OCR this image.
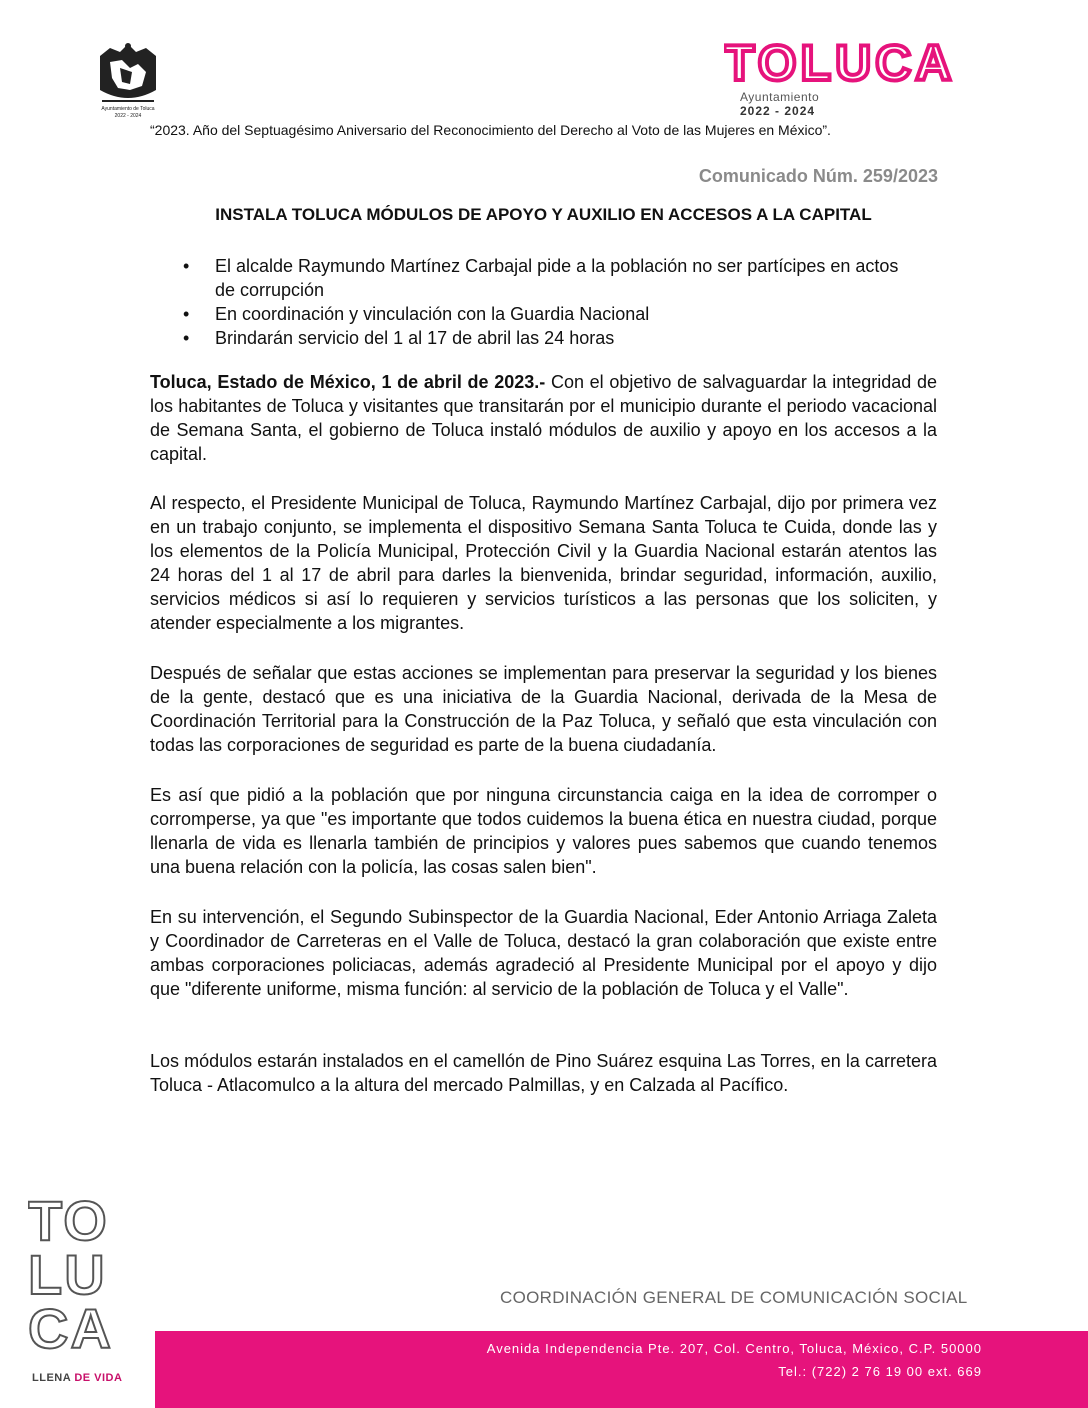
Ayuntamiento de Toluca
2022 - 2024
TOLUCA
Ayuntamiento
2022 - 2024
“2023. Año del Septuagésimo Aniversario del Reconocimiento del Derecho al Voto de las Mujeres en México”.
Comunicado Núm. 259/2023
INSTALA TOLUCA MÓDULOS DE APOYO Y AUXILIO EN ACCESOS A LA CAPITAL
• El alcalde Raymundo Martínez Carbajal pide a la población no ser partícipes en actos de corrupción
• En coordinación y vinculación con la Guardia Nacional
• Brindarán servicio del 1 al 17 de abril las 24 horas
Toluca, Estado de México, 1 de abril de 2023.- Con el objetivo de salvaguardar la integridad de los habitantes de Toluca y visitantes que transitarán por el municipio durante el periodo vacacional de Semana Santa, el gobierno de Toluca instaló módulos de auxilio y apoyo en los accesos a la capital.
Al respecto, el Presidente Municipal de Toluca, Raymundo Martínez Carbajal, dijo por primera vez en un trabajo conjunto, se implementa el dispositivo Semana Santa Toluca te Cuida, donde las y los elementos de la Policía Municipal, Protección Civil y la Guardia Nacional estarán atentos las 24 horas del 1 al 17 de abril para darles la bienvenida, brindar seguridad, información, auxilio, servicios médicos si así lo requieren y servicios turísticos a las personas que los soliciten, y atender especialmente a los migrantes.
Después de señalar que estas acciones se implementan para preservar la seguridad y los bienes de la gente, destacó que es una iniciativa de la Guardia Nacional, derivada de la Mesa de Coordinación Territorial para la Construcción de la Paz Toluca, y señaló que esta vinculación con todas las corporaciones de seguridad es parte de la buena ciudadanía.
Es así que pidió a la población que por ninguna circunstancia caiga en la idea de corromper o corromperse, ya que "es importante que todos cuidemos la buena ética en nuestra ciudad, porque llenarla de vida es llenarla también de principios y valores pues sabemos que cuando tenemos una buena relación con la policía, las cosas salen bien".
En su intervención, el Segundo Subinspector de la Guardia Nacional, Eder Antonio Arriaga Zaleta y Coordinador de Carreteras en el Valle de Toluca, destacó la gran colaboración que existe entre ambas corporaciones policiacas, además agradeció al Presidente Municipal por el apoyo y dijo que "diferente uniforme, misma función: al servicio de la población de Toluca y el Valle".
Los módulos estarán instalados en el camellón de Pino Suárez esquina Las Torres, en la carretera Toluca - Atlacomulco a la altura del mercado Palmillas, y en Calzada al Pacífico.
TO
LU
CA
LLENA DE VIDA
COORDINACIÓN GENERAL DE COMUNICACIÓN SOCIAL
Avenida Independencia Pte. 207, Col. Centro, Toluca, México, C.P. 50000
Tel.: (722) 2 76 19 00 ext. 669
